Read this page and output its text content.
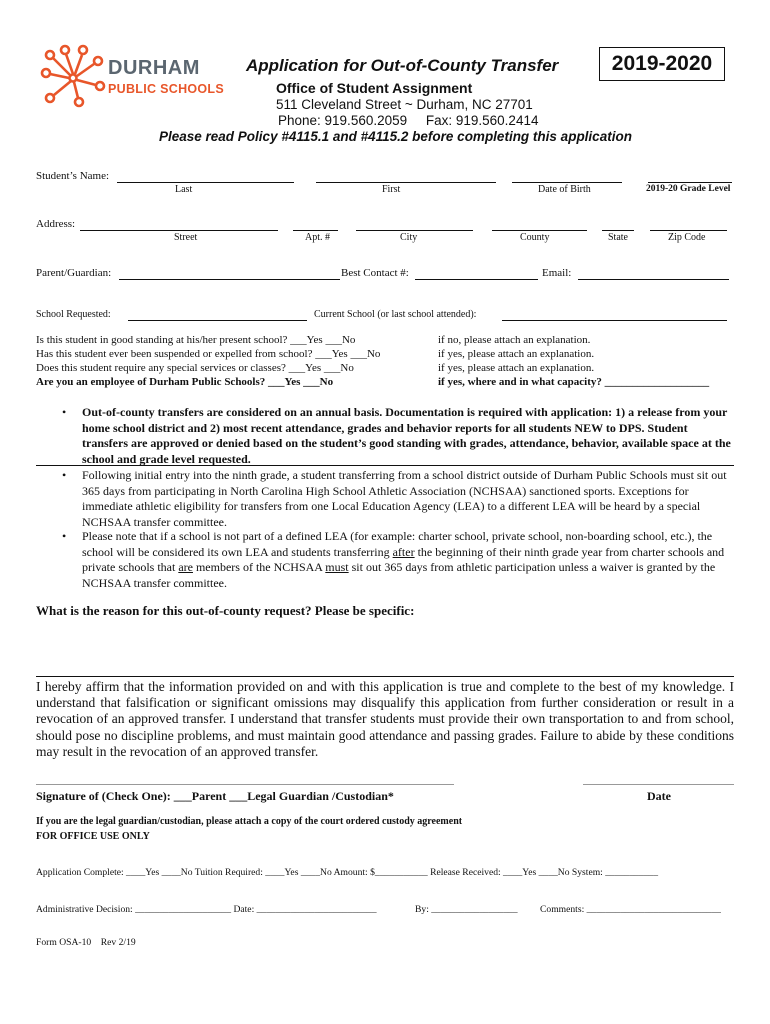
DURHAM
PUBLIC SCHOOLS
Application for Out-of-County Transfer	2019-2020
Office of Student Assignment
511 Cleveland Street ~ Durham, NC 27701
Phone: 919.560.2059     Fax: 919.560.2414
Please read Policy #4115.1 and #4115.2 before completing this application
Student’s Name:
Last	First	Date of Birth	2019-20 Grade Level
Address:
Street	Apt. #	City	County	State	Zip Code
Parent/Guardian:	Best Contact #:	Email:
School Requested:	Current School (or last school attended):
Is this student in good standing at his/her present school? ___Yes ___No	if no, please attach an explanation.
Has this student ever been suspended or expelled from school? ___Yes ___No	if yes, please attach an explanation.
Does this student require any special services or classes? ___Yes ___No	if yes, please attach an explanation.
Are you an employee of Durham Public Schools? ___Yes ___No	if yes, where and in what capacity? ___________________
• Out-of-county transfers are considered on an annual basis. Documentation is required with application: 1) a release from your home school district and 2) most recent attendance, grades and behavior reports for all students NEW to DPS. Student transfers are approved or denied based on the student’s good standing with grades, attendance, behavior, available space at the school and grade level requested.
• Following initial entry into the ninth grade, a student transferring from a school district outside of Durham Public Schools must sit out 365 days from participating in North Carolina High School Athletic Association (NCHSAA) sanctioned sports. Exceptions for immediate athletic eligibility for transfers from one Local Education Agency (LEA) to a different LEA will be heard by a special NCHSAA transfer committee.
• Please note that if a school is not part of a defined LEA (for example: charter school, private school, non-boarding school, etc.), the school will be considered its own LEA and students transferring after the beginning of their ninth grade year from charter schools and private schools that are members of the NCHSAA must sit out 365 days from athletic participation unless a waiver is granted by the NCHSAA transfer committee.
What is the reason for this out-of-county request? Please be specific:
I hereby affirm that the information provided on and with this application is true and complete to the best of my knowledge. I understand that falsification or significant omissions may disqualify this application from further consideration or result in a revocation of an approved transfer. I understand that transfer students must provide their own transportation to and from school, should pose no discipline problems, and must maintain good attendance and passing grades. Failure to abide by these conditions may result in the revocation of an approved transfer.
Signature of (Check One): ___Parent ___Legal Guardian /Custodian*	Date
If you are the legal guardian/custodian, please attach a copy of the court ordered custody agreement
FOR OFFICE USE ONLY
Application Complete: ____Yes ____No Tuition Required: ____Yes ____No Amount: $___________ Release Received: ____Yes ____No System: ___________
Administrative Decision: ____________________ Date: _________________________	By: __________________ Comments: ____________________________
Form OSA-10    Rev 2/19
